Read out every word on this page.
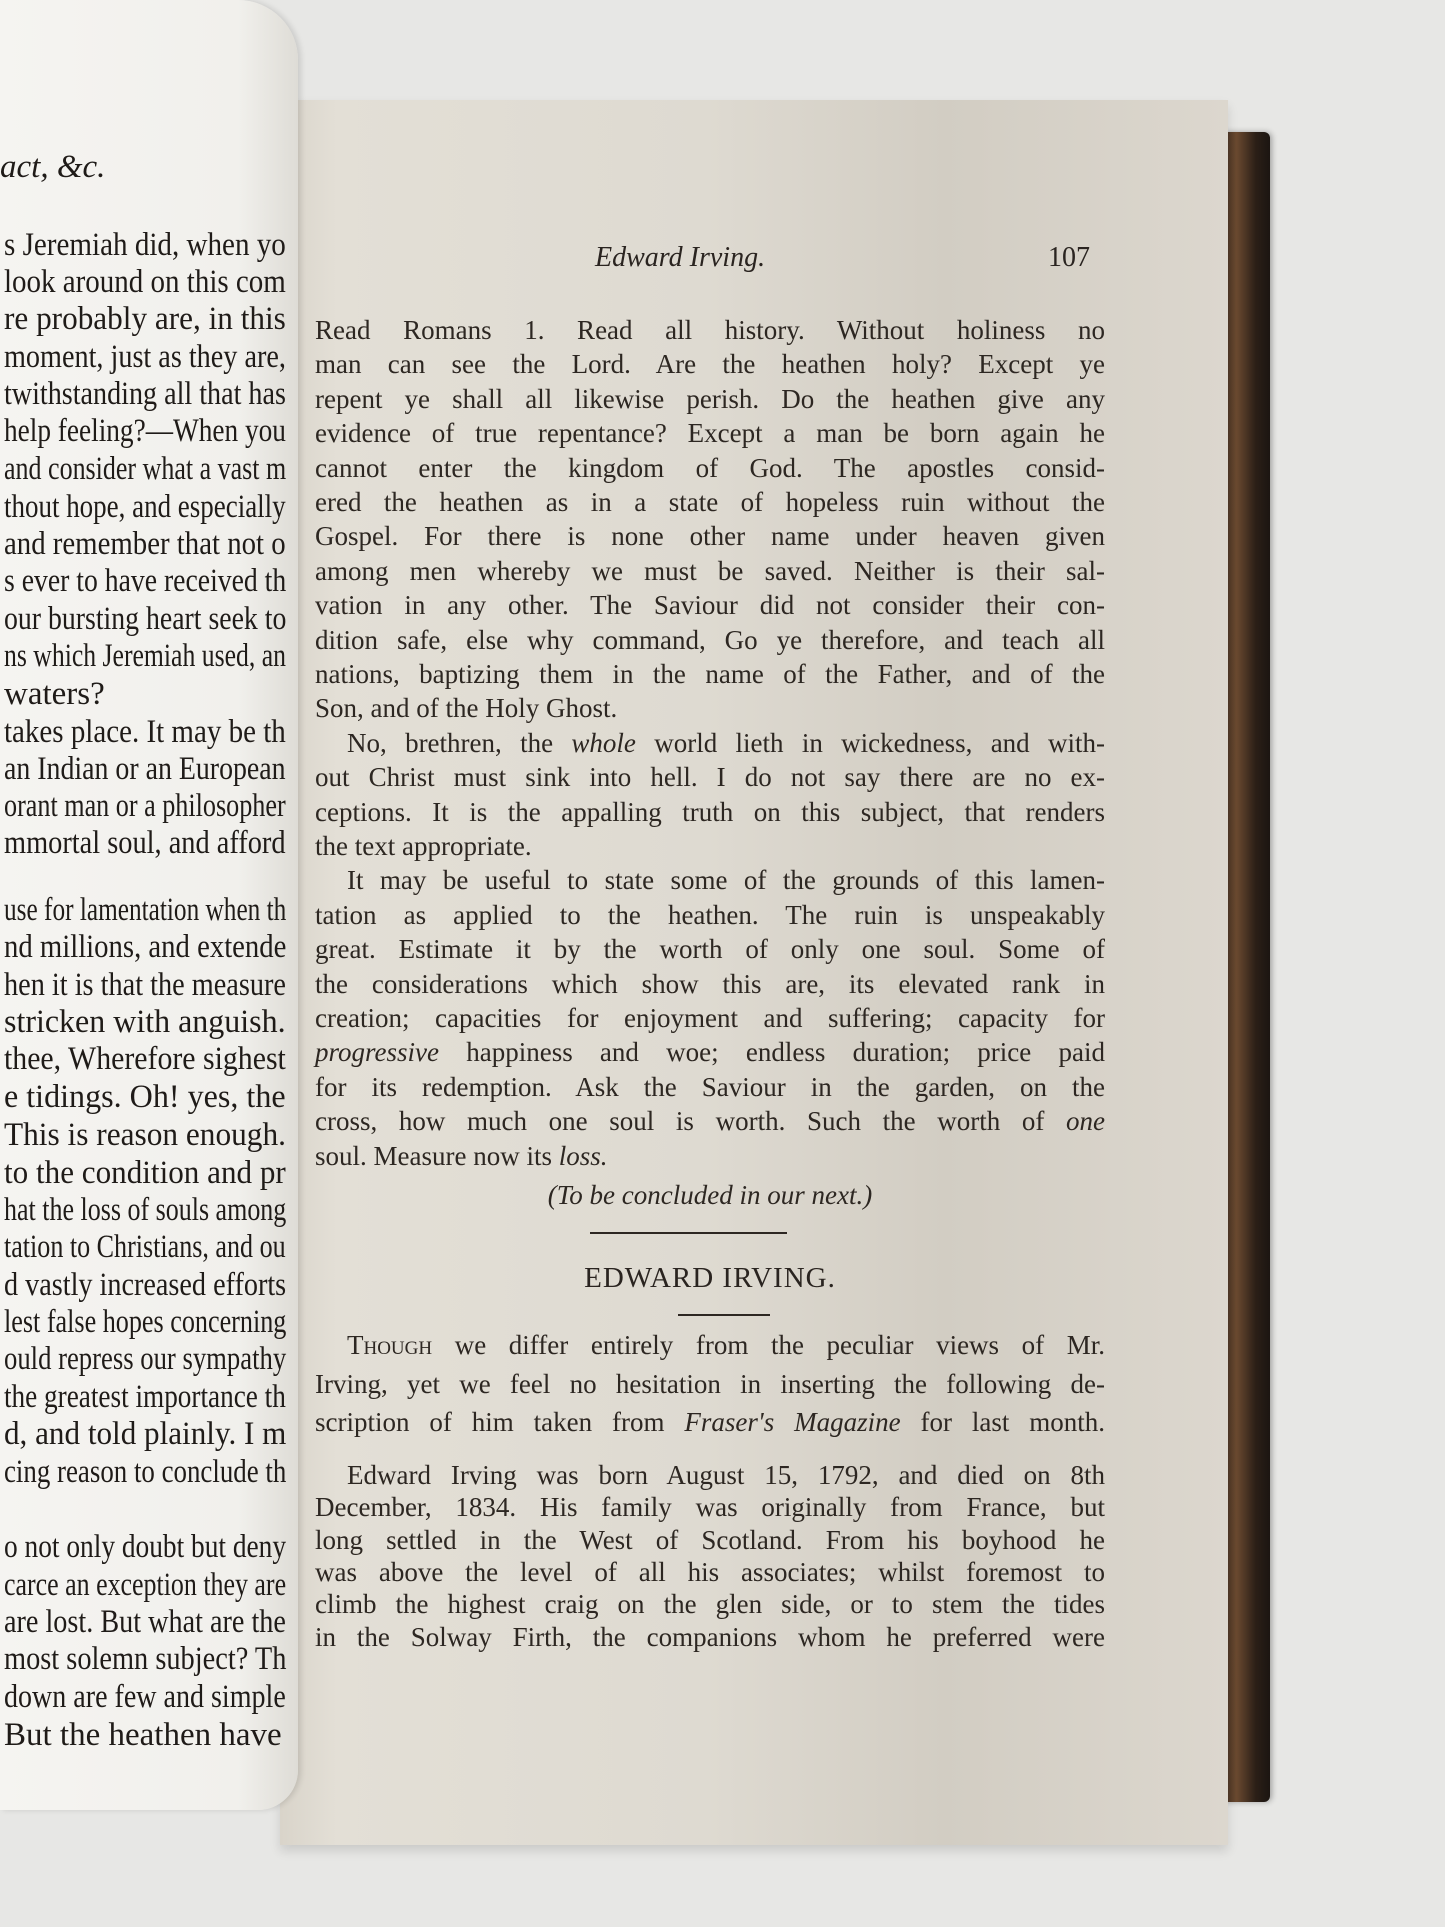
act, &c.
s Jeremiah did, when yo
look around on this com
re probably are, in this
moment, just as they are,
twithstanding all that has
help feeling?—When you
and consider what a vast m
thout hope, and especially
and remember that not o
s ever to have received th
our bursting heart seek to
ns which Jeremiah used, an
waters?
takes place. It may be th
an Indian or an European
orant man or a philosopher
mmortal soul, and afford
use for lamentation when th
nd millions, and extende
hen it is that the measure
stricken with anguish.
thee, Wherefore sighest
e tidings. Oh! yes, the
This is reason enough.
to the condition and pr
hat the loss of souls among
tation to Christians, and ou
d vastly increased efforts
lest false hopes concerning
ould repress our sympathy
the greatest importance th
d, and told plainly. I m
cing reason to conclude th
o not only doubt but deny
carce an exception they are
are lost. But what are the
most solemn subject? Th
down are few and simple
But the heathen have
Edward Irving.	107
(To be concluded in our next.)
EDWARD IRVING.
Read Romans 1. Read all history. Without holiness no
man can see the Lord. Are the heathen holy? Except ye
repent ye shall all likewise perish. Do the heathen give any
evidence of true repentance? Except a man be born again he
cannot enter the kingdom of God. The apostles consid-
ered the heathen as in a state of hopeless ruin without the
Gospel. For there is none other name under heaven given
among men whereby we must be saved. Neither is their sal-
vation in any other. The Saviour did not consider their con-
dition safe, else why command, Go ye therefore, and teach all
nations, baptizing them in the name of the Father, and of the
Son, and of the Holy Ghost.
No, brethren, the whole world lieth in wickedness, and with-
out Christ must sink into hell. I do not say there are no ex-
ceptions. It is the appalling truth on this subject, that renders
the text appropriate.
It may be useful to state some of the grounds of this lamen-
tation as applied to the heathen. The ruin is unspeakably
great. Estimate it by the worth of only one soul. Some of
the considerations which show this are, its elevated rank in
creation; capacities for enjoyment and suffering; capacity for
progressive happiness and woe; endless duration; price paid
for its redemption. Ask the Saviour in the garden, on the
cross, how much one soul is worth. Such the worth of one
soul. Measure now its loss.
Though we differ entirely from the peculiar views of Mr.
Irving, yet we feel no hesitation in inserting the following de-
scription of him taken from Fraser's Magazine for last month.
Edward Irving was born August 15, 1792, and died on 8th
December, 1834. His family was originally from France, but
long settled in the West of Scotland. From his boyhood he
was above the level of all his associates; whilst foremost to
climb the highest craig on the glen side, or to stem the tides
in the Solway Firth, the companions whom he preferred were
